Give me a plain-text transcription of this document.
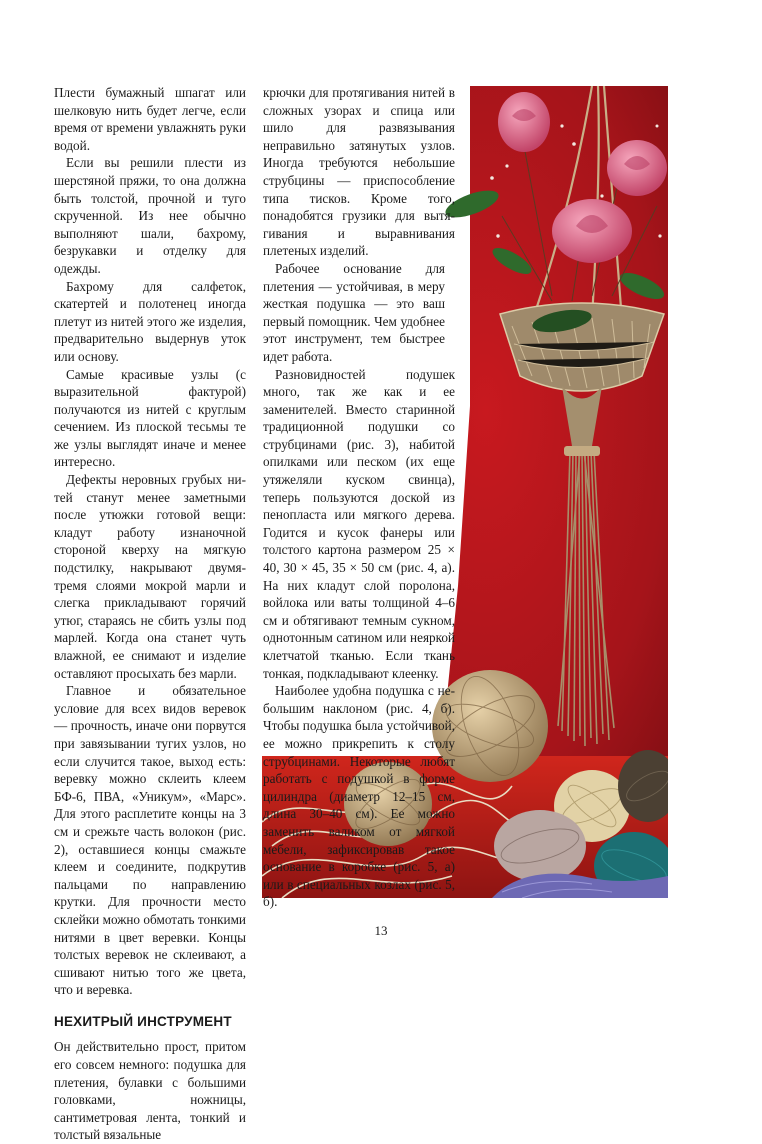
Плести бумажный шпагат или шелковую нить будет легче, если время от времени увлажнять руки водой.

Если вы решили плести из шерстяной пряжи, то она должна быть толстой, прочной и туго скрученной. Из нее обычно выполняют шали, бахрому, безрукавки и отделку для одежды.

Бахрому для салфеток, скатертей и полотенец иногда плетут из нитей этого же изделия, предварительно выдернув уток или основу.

Самые красивые узлы (с выразительной фактурой) получаются из нитей с круглым сечением. Из плоской тесьмы те же узлы выглядят иначе и менее интересно.

Дефекты неровных грубых нитей станут менее заметными после утюжки готовой вещи: кладут работу изнаночной стороной кверху на мягкую подстилку, накрывают двумя-тремя слоями мокрой марли и слегка прикладывают горячий утюг, стараясь не сбить узлы под марлей. Когда она станет чуть влажной, ее снимают и изделие оставляют просыхать без марли.

Главное и обязательное условие для всех видов веревок — прочность, иначе они порвутся при завязывании тугих узлов, но если случится такое, выход есть: веревку можно склеить клеем БФ-6, ПВА, «Уникум», «Марс». Для этого расплетите концы на 3 см и срежьте часть волокон (рис. 2), оставшиеся концы смажьте клеем и соедините, подкрутив пальцами по направлению крутки. Для прочности место склейки можно обмотать тонкими нитями в цвет веревки. Концы толстых веревок не склеивают, а сшивают нитью того же цвета, что и веревка.

НЕХИТРЫЙ ИНСТРУМЕНТ

Он действительно прост, притом его совсем немного: подушка для плетения, булавки с большими головками, ножницы, сантиметровая лента, тонкий и толстый вязальные

крючки для протягивания нитей в сложных узорах и спица или шило для развязывания неправильно затянутых узлов. Иногда требуются небольшие струбцины — приспособление типа тисков. Кроме того, понадобятся грузики для вытягивания и выравнивания плетеных изделий.

Рабочее основание для плетения — устойчивая, в меру жесткая подушка — это ваш первый помощник. Чем удобнее этот инструмент, тем быстрее идет работа.

Разновидностей подушек много, так же как и ее заменителей. Вместо старинной традиционной подушки со струбцинами (рис. 3), набитой опилками или песком (их еще утяжеляли куском свинца), теперь пользуются доской из пенопласта или мягкого дерева. Годится и кусок фанеры или толстого картона размером 25 × 40, 30 × 45, 35 × 50 см (рис. 4, а). На них кладут слой поролона, войлока или ваты толщиной 4–6 см и обтягивают темным сукном, однотонным сатином или неяркой клетчатой тканью. Если ткань тонкая, подкладывают клеенку.

Наиболее удобна подушка с небольшим наклоном (рис. 4, б). Чтобы подушка была устойчивой, ее можно прикрепить к столу струбцинами. Некоторые любят работать с подушкой в форме цилиндра (диаметр 12–15 см, длина 30–40 см). Ее можно заменить валиком от мягкой мебели, зафиксировав такое основание в коробке (рис. 5, а) или в специальных козлах (рис. 5, б).

13
